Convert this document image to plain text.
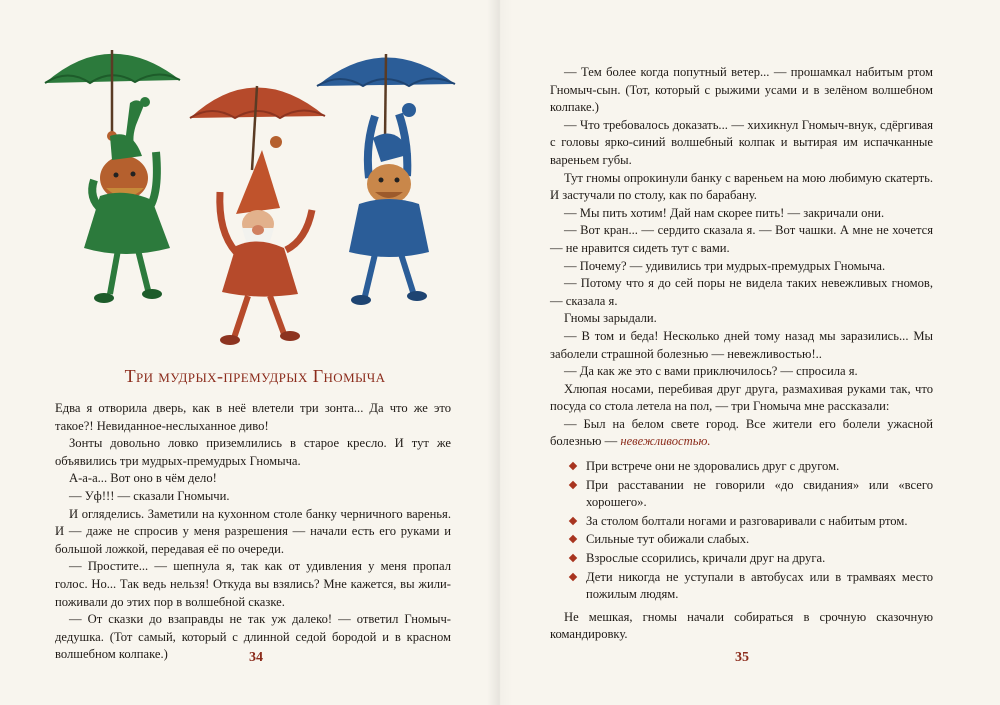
Три мудрых-премудрых Гномыча

Едва я отворила дверь, как в неё влетели три зонта... Да что же это такое?! Невиданное-неслыханное диво!

Зонты довольно ловко приземлились в старое кресло. И тут же объявились три мудрых-премудрых Гномыча.

А-а-а... Вот оно в чём дело!

— Уф!!! — сказали Гномычи.

И огляделись. Заметили на кухонном столе банку черничного варенья. И — даже не спросив у меня разрешения — начали есть его руками и большой ложкой, передавая её по очереди.

— Простите... — шепнула я, так как от удивления у меня пропал голос. Но... Так ведь нельзя! Откуда вы взялись? Мне кажется, вы жили-поживали до этих пор в волшебной сказке.

— От сказки до взаправды не так уж далеко! — ответил Гномыч-дедушка. (Тот самый, который с длинной седой бородой и в красном волшебном колпаке.)	34

— Тем более когда попутный ветер... — прошамкал набитым ртом Гномыч-сын. (Тот, который с рыжими усами и в зелёном волшебном колпаке.)

— Что требовалось доказать... — хихикнул Гномыч-внук, сдёргивая с головы ярко-синий волшебный колпак и вытирая им испачканные вареньем губы.

Тут гномы опрокинули банку с вареньем на мою любимую скатерть. И застучали по столу, как по барабану.

— Мы пить хотим! Дай нам скорее пить! — закричали они.

— Вот кран... — сердито сказала я. — Вот чашки. А мне не хочется — не нравится сидеть тут с вами.

— Почему? — удивились три мудрых-премудрых Гномыча.

— Потому что я до сей поры не видела таких невежливых гномов, — сказала я.

Гномы зарыдали.

— В том и беда! Несколько дней тому назад мы заразились... Мы заболели страшной болезнью — невежливостью!..

— Да как же это с вами приключилось? — спросила я.

Хлюпая носами, перебивая друг друга, размахивая руками так, что посуда со стола летела на пол, — три Гномыча мне рассказали:

— Был на белом свете город. Все жители его болели ужасной болезнью — невежливостью.

При встрече они не здоровались друг с другом.
При расставании не говорили «до свидания» или «всего хорошего».
За столом болтали ногами и разговаривали с набитым ртом.
Сильные тут обижали слабых.
Взрослые ссорились, кричали друг на друга.
Дети никогда не уступали в автобусах или в трамваях место пожилым людям.

Не мешкая, гномы начали собираться в срочную сказочную командировку.

35
